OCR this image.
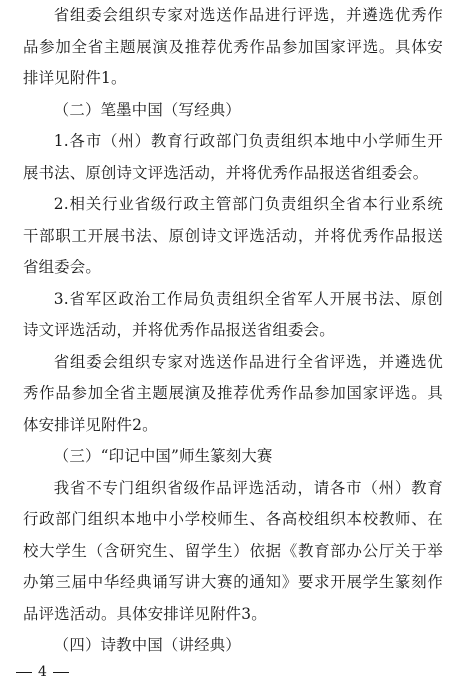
省组委会组织专家对选送作品进行评选，并遴选优秀作品参加全省主题展演及推荐优秀作品参加国家评选。具体安排详见附件1。

（二）笔墨中国（写经典）

1.各市（州）教育行政部门负责组织本地中小学师生开展书法、原创诗文评选活动，并将优秀作品报送省组委会。

2.相关行业省级行政主管部门负责组织全省本行业系统干部职工开展书法、原创诗文评选活动，并将优秀作品报送省组委会。

3.省军区政治工作局负责组织全省军人开展书法、原创诗文评选活动，并将优秀作品报送省组委会。

省组委会组织专家对选送作品进行全省评选，并遴选优秀作品参加全省主题展演及推荐优秀作品参加国家评选。具体安排详见附件2。

（三）“印记中国”师生篆刻大赛

我省不专门组织省级作品评选活动，请各市（州）教育行政部门组织本地中小学校师生、各高校组织本校教师、在校大学生（含研究生、留学生）依据《教育部办公厅关于举办第三届中华经典诵写讲大赛的通知》要求开展学生篆刻作品评选活动。具体安排详见附件3。

（四）诗教中国（讲经典）

4
